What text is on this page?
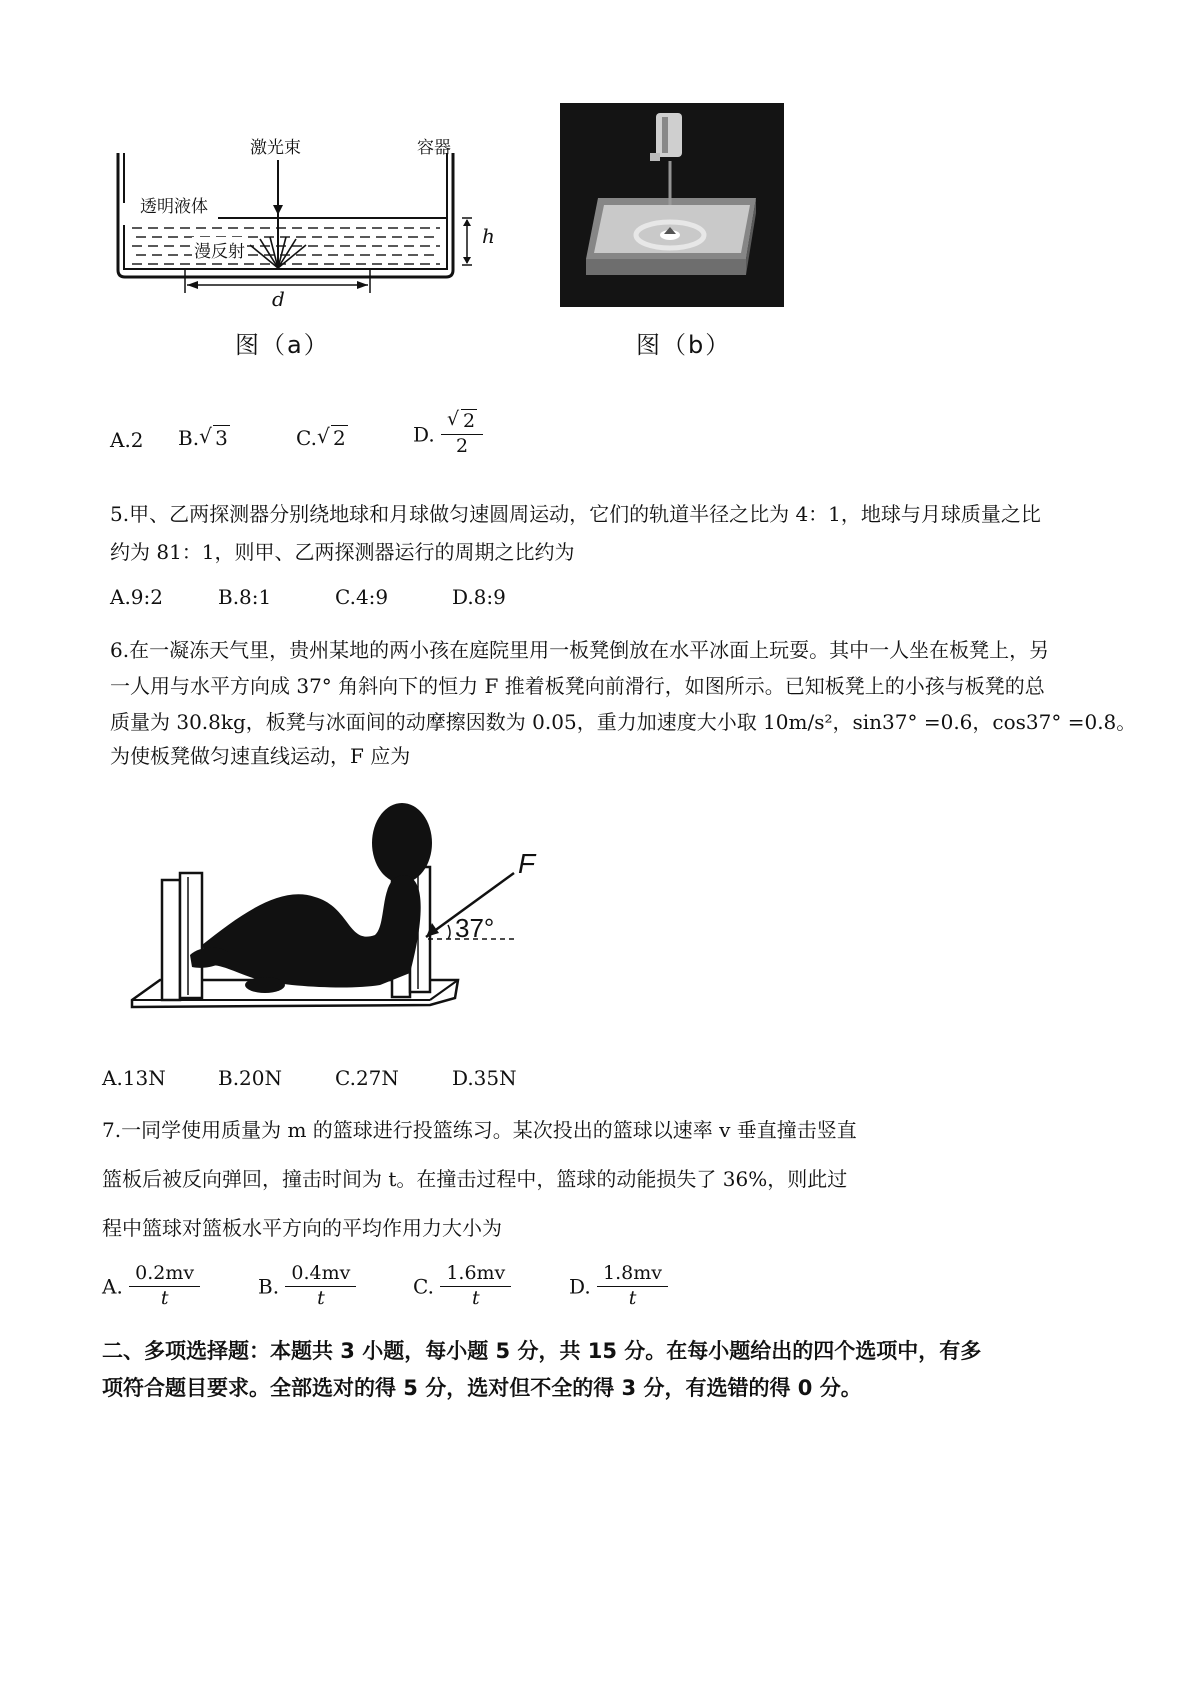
激光束	容器
透明液体
漫反射
h
d
图（a）	图（b）
A.2 B. √ 3	C. √ 2	D. √ $\frac{2}{2}$
5.甲、乙两探测器分别绕地球和月球做匀速圆周运动，它们的轨道半径之比为 4：1，地球与月球质量之比
约为 81：1，则甲、乙两探测器运行的周期之比约为
A.9:2	B.8:1	C.4:9	D.8:9
6.在一凝冻天气里，贵州某地的两小孩在庭院里用一板凳倒放在水平冰面上玩耍。其中一人坐在板凳上，另
一人用与水平方向成 37° 角斜向下的恒力 F 推着板凳向前滑行，如图所示。已知板凳上的小孩与板凳的总
质量为 30.8kg，板凳与冰面间的动摩擦因数为 0.05，重力加速度大小取 10m/s²，sin37° =0.6，cos37° =0.8。
为使板凳做匀速直线运动，F 应为
F
37°
A.13N	B.20N	C.27N	D.35N
7.一同学使用质量为 m 的篮球进行投篮练习。某次投出的篮球以速率 v 垂直撞击竖直
篮板后被反向弹回，撞击时间为 t。在撞击过程中，篮球的动能损失了 36%，则此过
程中篮球对篮板水平方向的平均作用力大小为
A. $\frac{0.2mv}{t}$	B. $\frac{0.4mv}{t}$	C. $\frac{1.6mv}{t}$	D. $\frac{1.8mv}{t}$
二、多项选择题：本题共 3 小题，每小题 5 分，共 15 分。在每小题给出的四个选项中，有多
项符合题目要求。全部选对的得 5 分，选对但不全的得 3 分，有选错的得 0 分。
